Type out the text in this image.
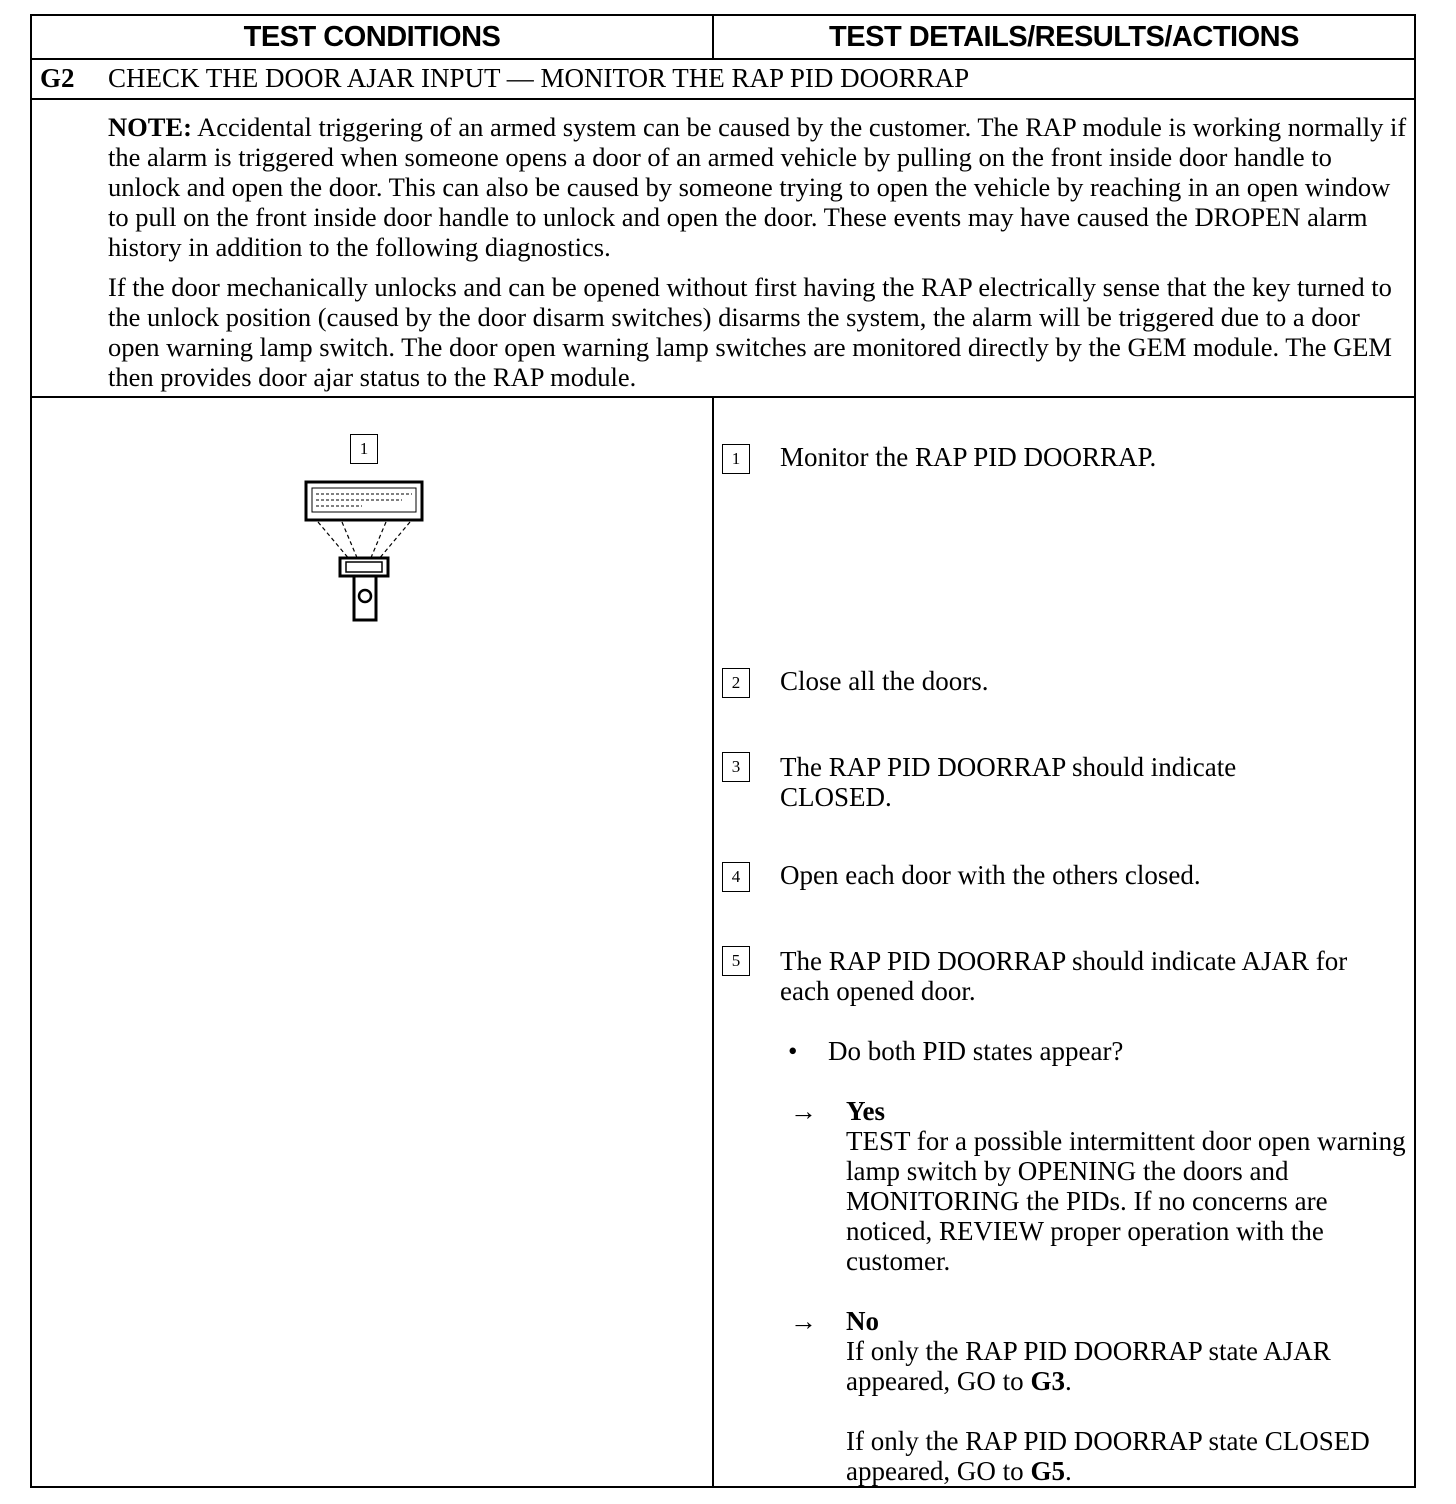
TEST CONDITIONS	TEST DETAILS/RESULTS/ACTIONS
G2 CHECK THE DOOR AJAR INPUT — MONITOR THE RAP PID DOORRAP

NOTE: Accidental triggering of an armed system can be caused by the customer. The RAP module is working normally if the alarm is triggered when someone opens a door of an armed vehicle by pulling on the front inside door handle to unlock and open the door. This can also be caused by someone trying to open the vehicle by reaching in an open window to pull on the front inside door handle to unlock and open the door. These events may have caused the DROPEN alarm history in addition to the following diagnostics.

If the door mechanically unlocks and can be opened without first having the RAP electrically sense that the key turned to the unlock position (caused by the door disarm switches) disarms the system, the alarm will be triggered due to a door open warning lamp switch. The door open warning lamp switches are monitored directly by the GEM module. The GEM then provides door ajar status to the RAP module.

1
1	Monitor the RAP PID DOORRAP.
2	Close all the doors.
3	The RAP PID DOORRAP should indicate CLOSED.
4	Open each door with the others closed.
5	The RAP PID DOORRAP should indicate AJAR for each opened door.
• Do both PID states appear?
→ Yes

TEST for a possible intermittent door open warning lamp switch by OPENING the doors and MONITORING the PIDs. If no concerns are noticed, REVIEW proper operation with the customer.

→ No

If only the RAP PID DOORRAP state AJAR appeared, GO to G3.

If only the RAP PID DOORRAP state CLOSED appeared, GO to G5.
